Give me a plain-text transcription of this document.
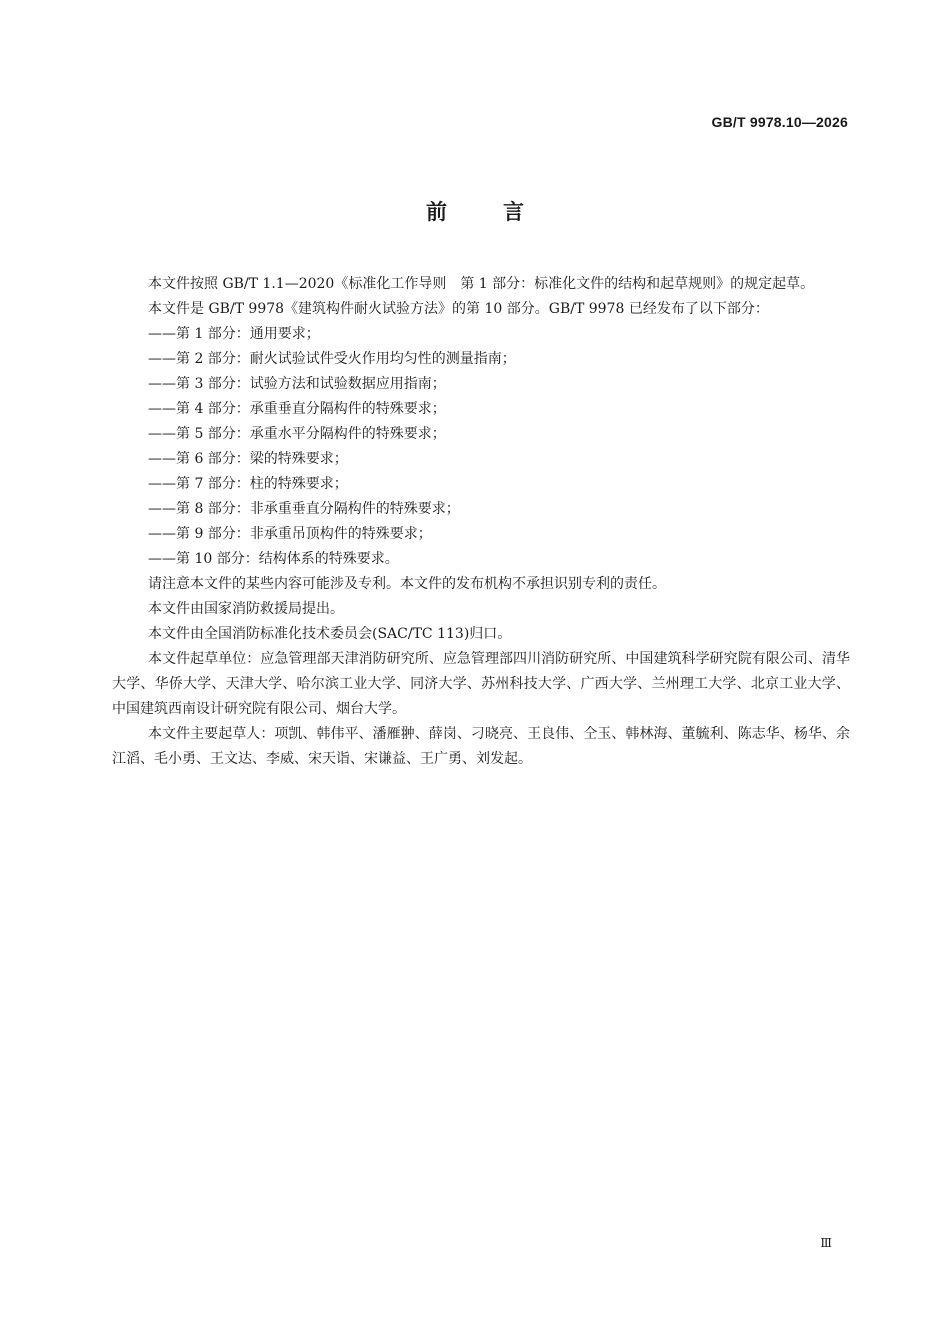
GB/T 9978.10—2026
前言

本文件按照 GB/T 1.1—2020《标准化工作导则　第 1 部分：标准化文件的结构和起草规则》的规定起草。

本文件是 GB/T 9978《建筑构件耐火试验方法》的第 10 部分。GB/T 9978 已经发布了以下部分：

——第 1 部分：通用要求；

——第 2 部分：耐火试验试件受火作用均匀性的测量指南；

——第 3 部分：试验方法和试验数据应用指南；

——第 4 部分：承重垂直分隔构件的特殊要求；

——第 5 部分：承重水平分隔构件的特殊要求；

——第 6 部分：梁的特殊要求；

——第 7 部分：柱的特殊要求；

——第 8 部分：非承重垂直分隔构件的特殊要求；

——第 9 部分：非承重吊顶构件的特殊要求；

——第 10 部分：结构体系的特殊要求。

请注意本文件的某些内容可能涉及专利。本文件的发布机构不承担识别专利的责任。

本文件由国家消防救援局提出。

本文件由全国消防标准化技术委员会(SAC/TC 113)归口。

本文件起草单位：应急管理部天津消防研究所、应急管理部四川消防研究所、中国建筑科学研究院有限公司、清华大学、华侨大学、天津大学、哈尔滨工业大学、同济大学、苏州科技大学、广西大学、兰州理工大学、北京工业大学、中国建筑西南设计研究院有限公司、烟台大学。

本文件主要起草人：项凯、韩伟平、潘雁翀、薛岗、刁晓亮、王良伟、仝玉、韩林海、董毓利、陈志华、杨华、余江滔、毛小勇、王文达、李威、宋天诣、宋谦益、王广勇、刘发起。

Ⅲ
